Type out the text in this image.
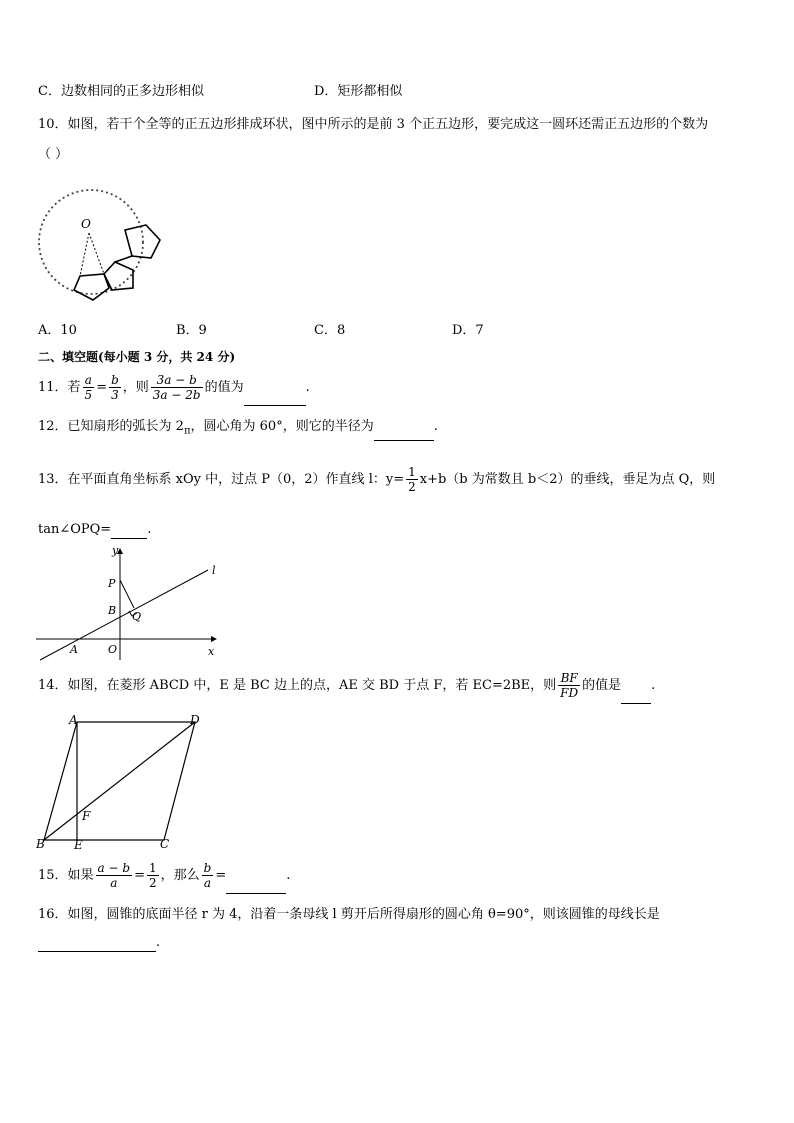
C．边数相同的正多边形相似	D．矩形都相似
10．如图，若干个全等的正五边形排成环状，图中所示的是前 3 个正五边形，要完成这一圆环还需正五边形的个数为
（ ）
O
A．10	B．9	C．8	D．7
二、填空题(每小题 3 分，共 24 分)
11．若 $\frac{a}{5} = \frac{b}{3}$ ，则 $\frac{3a - b}{3a - 2b}$ 的值为	.
12．已知扇形的弧长为 $2_\pi$，圆心角为 60°，则它的半径为	.
13．在平面直角坐标系 xOy 中，过点 P（0，2）作直线 l：$y= \frac{1}{2} x+b(b$ 为常数且 b＜2）的垂线，垂足为点 Q，则
tan∠OPQ=	.
y
x
l
P
B Q
A	O
14．如图，在菱形 ABCD 中，E 是 BC 边上的点，AE 交 BD 于点 F，若 EC=2BE，则 $\frac{BF}{FD}$ 的值是 .
A	D
F
B E	C
15．如果 $\frac{a - b}{a} = \frac{1}{2}$ ，那么 $\frac{b}{a}$ =	.
16．如图，圆锥的底面半径 r 为 4，沿着一条母线 l 剪开后所得扇形的圆心角 θ=90°，则该圆锥的母线长是
.
